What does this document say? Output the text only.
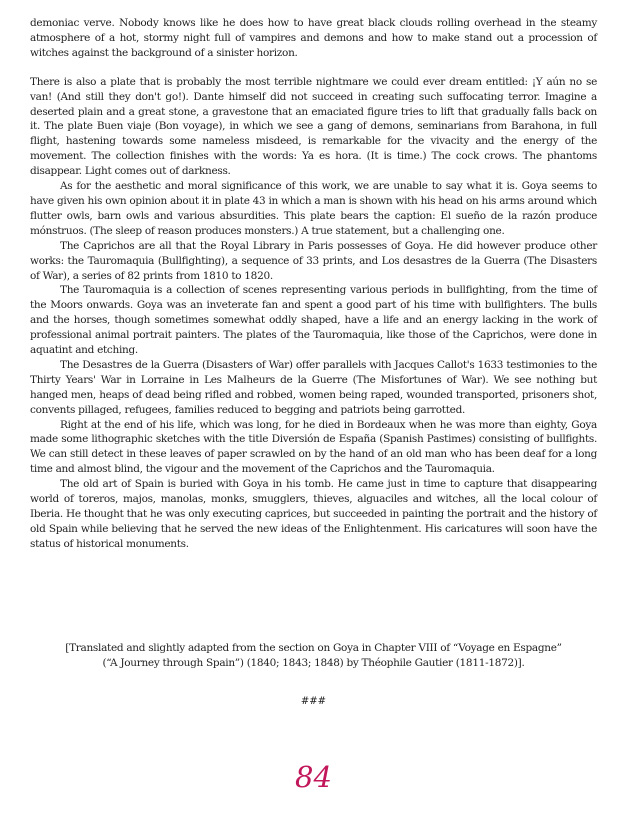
demoniac verve. Nobody knows like he does how to have great black clouds rolling overhead in the steamy atmosphere of a hot, stormy night full of vampires and demons and how to make stand out a procession of witches against the background of a sinister horizon.

There is also a plate that is probably the most terrible nightmare we could ever dream entitled: ¡Y aún no se van! (And still they don't go!). Dante himself did not succeed in creating such suffocating terror. Imagine a deserted plain and a great stone, a gravestone that an emaciated figure tries to lift that gradually falls back on it. The plate Buen viaje (Bon voyage), in which we see a gang of demons, seminarians from Barahona, in full flight, hastening towards some nameless misdeed, is remarkable for the vivacity and the energy of the movement. The collection finishes with the words: Ya es hora. (It is time.) The cock crows. The phantoms disappear. Light comes out of darkness.

As for the aesthetic and moral significance of this work, we are unable to say what it is. Goya seems to have given his own opinion about it in plate 43 in which a man is shown with his head on his arms around which flutter owls, barn owls and various absurdities. This plate bears the caption: El sueño de la razón produce mónstruos. (The sleep of reason produces monsters.) A true statement, but a challenging one.

The Caprichos are all that the Royal Library in Paris possesses of Goya. He did however produce other works: the Tauromaquia (Bullfighting), a sequence of 33 prints, and Los desastres de la Guerra (The Disasters of War), a series of 82 prints from 1810 to 1820.

The Tauromaquia is a collection of scenes representing various periods in bullfighting, from the time of the Moors onwards. Goya was an inveterate fan and spent a good part of his time with bullfighters. The bulls and the horses, though sometimes somewhat oddly shaped, have a life and an energy lacking in the work of professional animal portrait painters. The plates of the Tauromaquia, like those of the Caprichos, were done in aquatint and etching.

The Desastres de la Guerra (Disasters of War) offer parallels with Jacques Callot's 1633 testimonies to the Thirty Years' War in Lorraine in Les Malheurs de la Guerre (The Misfortunes of War). We see nothing but hanged men, heaps of dead being rifled and robbed, women being raped, wounded transported, prisoners shot, convents pillaged, refugees, families reduced to begging and patriots being garrotted.

Right at the end of his life, which was long, for he died in Bordeaux when he was more than eighty, Goya made some lithographic sketches with the title Diversión de España (Spanish Pastimes) consisting of bullfights. We can still detect in these leaves of paper scrawled on by the hand of an old man who has been deaf for a long time and almost blind, the vigour and the movement of the Caprichos and the Tauromaquia.

The old art of Spain is buried with Goya in his tomb. He came just in time to capture that disappearing world of toreros, majos, manolas, monks, smugglers, thieves, alguaciles and witches, all the local colour of Iberia. He thought that he was only executing caprices, but succeeded in painting the portrait and the history of old Spain while believing that he served the new ideas of the Enlightenment. His caricatures will soon have the status of historical monuments.

[Translated and slightly adapted from the section on Goya in Chapter VIII of “Voyage en Espagne” (“A Journey through Spain”) (1840; 1843; 1848) by Théophile Gautier (1811-1872)].

###
84
